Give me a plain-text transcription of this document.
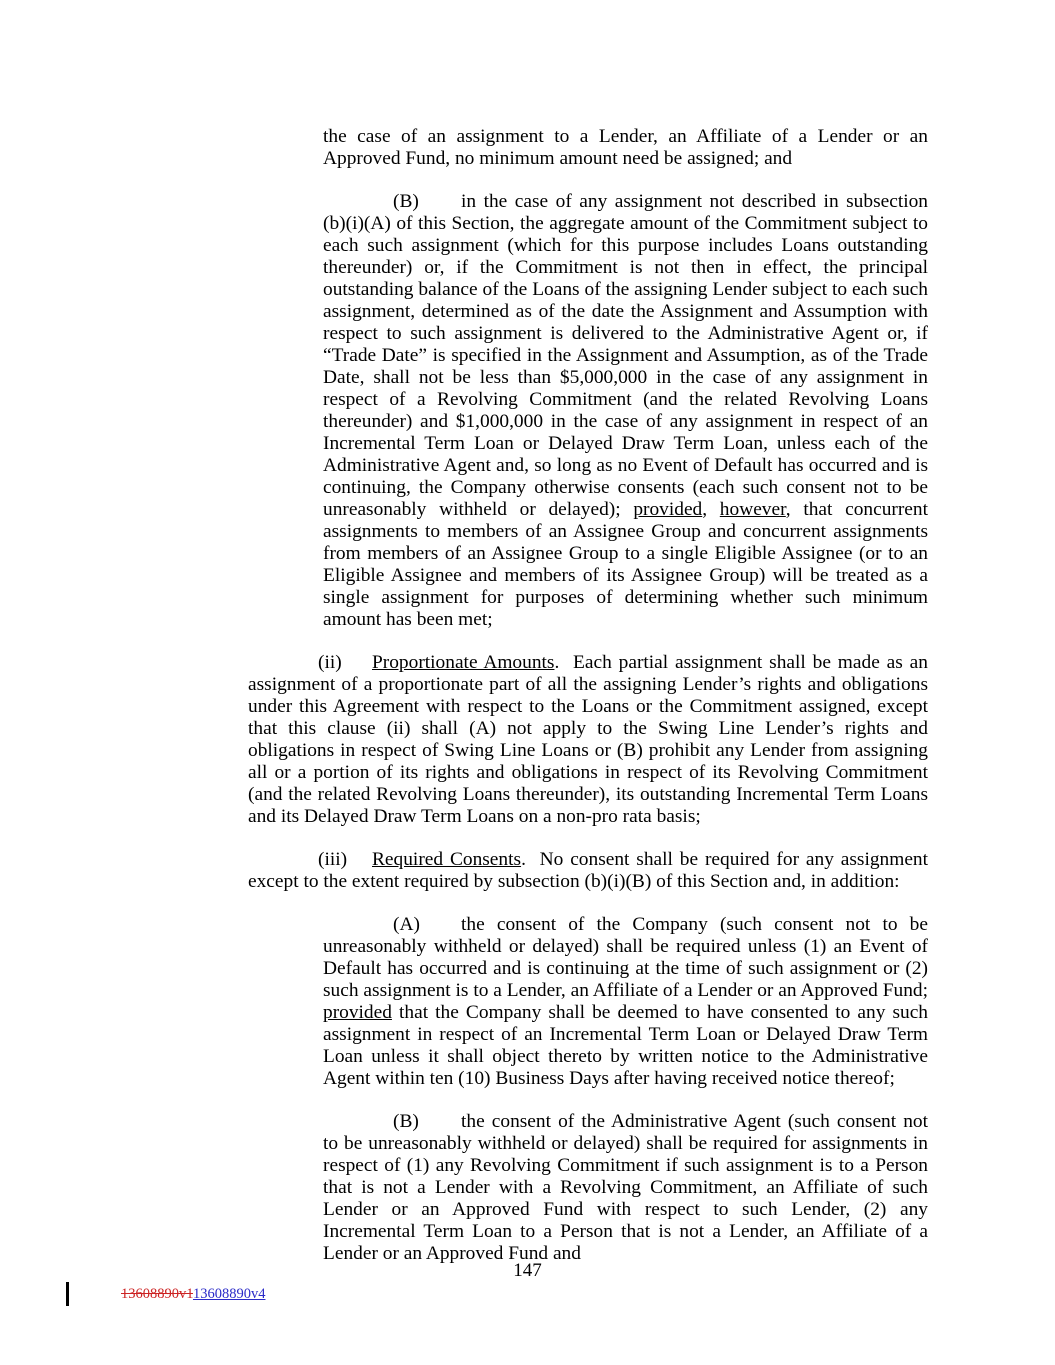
the case of an assignment to a Lender, an Affiliate of a Lender or an Approved Fund, no minimum amount need be assigned; and

(B) in the case of any assignment not described in subsection (b)(i)(A) of this Section, the aggregate amount of the Commitment subject to each such assignment (which for this purpose includes Loans outstanding thereunder) or, if the Commitment is not then in effect, the principal outstanding balance of the Loans of the assigning Lender subject to each such assignment, determined as of the date the Assignment and Assumption with respect to such assignment is delivered to the Administrative Agent or, if “Trade Date” is specified in the Assignment and Assumption, as of the Trade Date, shall not be less than $5,000,000 in the case of any assignment in respect of a Revolving Commitment (and the related Revolving Loans thereunder) and $1,000,000 in the case of any assignment in respect of an Incremental Term Loan or Delayed Draw Term Loan, unless each of the Administrative Agent and, so long as no Event of Default has occurred and is continuing, the Company otherwise consents (each such consent not to be unreasonably withheld or delayed); provided, however, that concurrent assignments to members of an Assignee Group and concurrent assignments from members of an Assignee Group to a single Eligible Assignee (or to an Eligible Assignee and members of its Assignee Group) will be treated as a single assignment for purposes of determining whether such minimum amount has been met;

(ii) Proportionate Amounts.  Each partial assignment shall be made as an assignment of a proportionate part of all the assigning Lender’s rights and obligations under this Agreement with respect to the Loans or the Commitment assigned, except that this clause (ii) shall (A) not apply to the Swing Line Lender’s rights and obligations in respect of Swing Line Loans or (B) prohibit any Lender from assigning all or a portion of its rights and obligations in respect of its Revolving Commitment (and the related Revolving Loans thereunder), its outstanding Incremental Term Loans and its Delayed Draw Term Loans on a non-pro rata basis;

(iii) Required Consents.  No consent shall be required for any assignment except to the extent required by subsection (b)(i)(B) of this Section and, in addition:

(A) the consent of the Company (such consent not to be unreasonably withheld or delayed) shall be required unless (1) an Event of Default has occurred and is continuing at the time of such assignment or (2) such assignment is to a Lender, an Affiliate of a Lender or an Approved Fund; provided that the Company shall be deemed to have consented to any such assignment in respect of an Incremental Term Loan or Delayed Draw Term Loan unless it shall object thereto by written notice to the Administrative Agent within ten (10) Business Days after having received notice thereof;

(B) the consent of the Administrative Agent (such consent not to be unreasonably withheld or delayed) shall be required for assignments in respect of (1) any Revolving Commitment if such assignment is to a Person that is not a Lender with a Revolving Commitment, an Affiliate of such Lender or an Approved Fund with respect to such Lender, (2) any Incremental Term Loan to a Person that is not a Lender, an Affiliate of a Lender or an Approved Fund and

147
13608890v113608890v4
